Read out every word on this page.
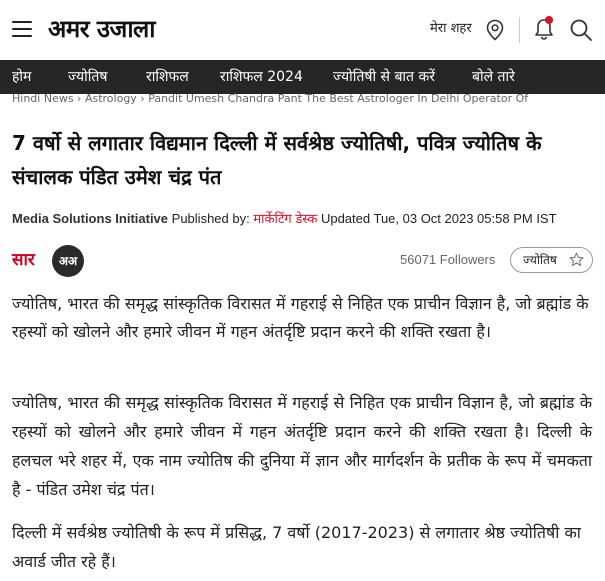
अमर उजाला	मेरा शहर
होम	ज्योतिष	राशिफल राशिफल 2024 ज्योतिषी से बात करें	बोले तारे
Hindi News › Astrology › Pandit Umesh Chandra Pant The Best Astrologer In Delhi Operator Of
7 वर्षो से लगातार विद्यमान दिल्ली में सर्वश्रेष्ठ ज्योतिषी, पवित्र ज्योतिष के संचालक पंडित उमेश चंद्र पंत
Media Solutions Initiative Published by: मार्केटिंग डेस्क Updated Tue, 03 Oct 2023 05:58 PM IST
सार	अअ	56071 Followers	ज्योतिष

ज्योतिष, भारत की समृद्ध सांस्कृतिक विरासत में गहराई से निहित एक प्राचीन विज्ञान है, जो ब्रह्मांड के रहस्यों को खोलने और हमारे जीवन में गहन अंतर्दृष्टि प्रदान करने की शक्ति रखता है।

ज्योतिष, भारत की समृद्ध सांस्कृतिक विरासत में गहराई से निहित एक प्राचीन विज्ञान है, जो ब्रह्मांड के रहस्यों को खोलने और हमारे जीवन में गहन अंतर्दृष्टि प्रदान करने की शक्ति रखता है। दिल्ली के हलचल भरे शहर में, एक नाम ज्योतिष की दुनिया में ज्ञान और मार्गदर्शन के प्रतीक के रूप में चमकता है - पंडित उमेश चंद्र पंत।

दिल्ली में सर्वश्रेष्ठ ज्योतिषी के रूप में प्रसिद्ध, 7 वर्षो (2017-2023) से लगातार श्रेष्ठ ज्योतिषी का अवार्ड जीत रहे हैं।
